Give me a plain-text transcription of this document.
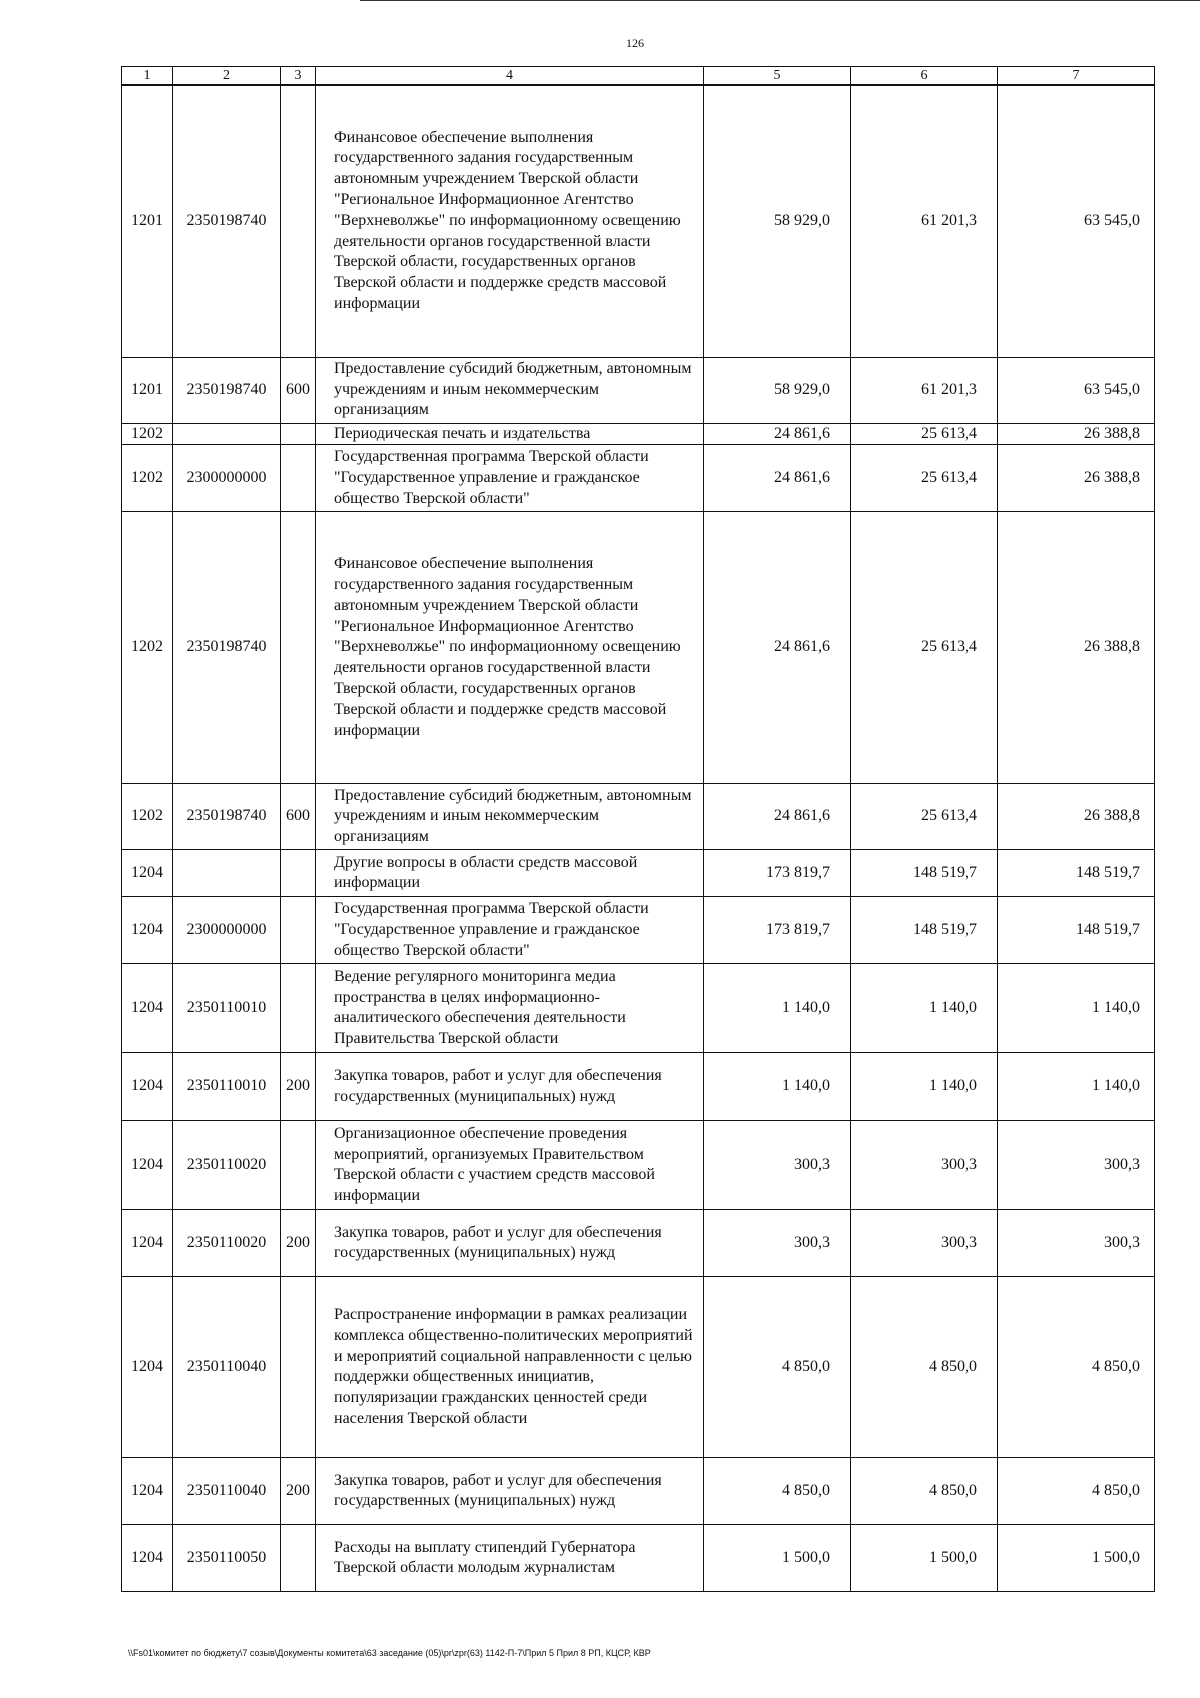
126
1	2	3	4	5	6	7
1201	2350198740		Финансовое обеспечение выполнения государственного задания государственным автономным учреждением Тверской области "Региональное Информационное Агентство "Верхневолжье" по информационному освещению деятельности органов государственной власти Тверской области, государственных органов Тверской области и поддержке средств массовой информации	58 929,0	61 201,3	63 545,0
1201	2350198740	600	Предоставление субсидий бюджетным, автономным учреждениям и иным некоммерческим организациям	58 929,0	61 201,3	63 545,0
1202			Периодическая печать и издательства	24 861,6	25 613,4	26 388,8
1202	2300000000		Государственная программа Тверской области "Государственное управление и гражданское общество Тверской области"	24 861,6	25 613,4	26 388,8
1202	2350198740		Финансовое обеспечение выполнения государственного задания государственным автономным учреждением Тверской области "Региональное Информационное Агентство "Верхневолжье" по информационному освещению деятельности органов государственной власти Тверской области, государственных органов Тверской области и поддержке средств массовой информации	24 861,6	25 613,4	26 388,8
1202	2350198740	600	Предоставление субсидий бюджетным, автономным учреждениям и иным некоммерческим организациям	24 861,6	25 613,4	26 388,8
1204			Другие вопросы в области средств массовой информации	173 819,7	148 519,7	148 519,7
1204	2300000000		Государственная программа Тверской области "Государственное управление и гражданское общество Тверской области"	173 819,7	148 519,7	148 519,7
1204	2350110010		Ведение регулярного мониторинга медиа пространства в целях информационно-аналитического обеспечения деятельности Правительства Тверской области	1 140,0	1 140,0	1 140,0
1204	2350110010	200	Закупка товаров, работ и услуг для обеспечения государственных (муниципальных) нужд	1 140,0	1 140,0	1 140,0
1204	2350110020		Организационное обеспечение проведения мероприятий, организуемых Правительством Тверской области с участием средств массовой информации	300,3	300,3	300,3
1204	2350110020	200	Закупка товаров, работ и услуг для обеспечения государственных (муниципальных) нужд	300,3	300,3	300,3
1204	2350110040		Распространение информации в рамках реализации комплекса общественно-политических мероприятий и мероприятий социальной направленности с целью поддержки общественных инициатив, популяризации гражданских ценностей среди населения Тверской области	4 850,0	4 850,0	4 850,0
1204	2350110040	200	Закупка товаров, работ и услуг для обеспечения государственных (муниципальных) нужд	4 850,0	4 850,0	4 850,0
1204	2350110050		Расходы на выплату стипендий Губернатора Тверской области молодым журналистам	1 500,0	1 500,0	1 500,0
\\Fs01\комитет по бюджету\7 созыв\Документы комитета\63 заседание (05)\pr\zpr(63) 1142-П-7\Прил 5 Прил 8 РП, КЦСР, КВР
